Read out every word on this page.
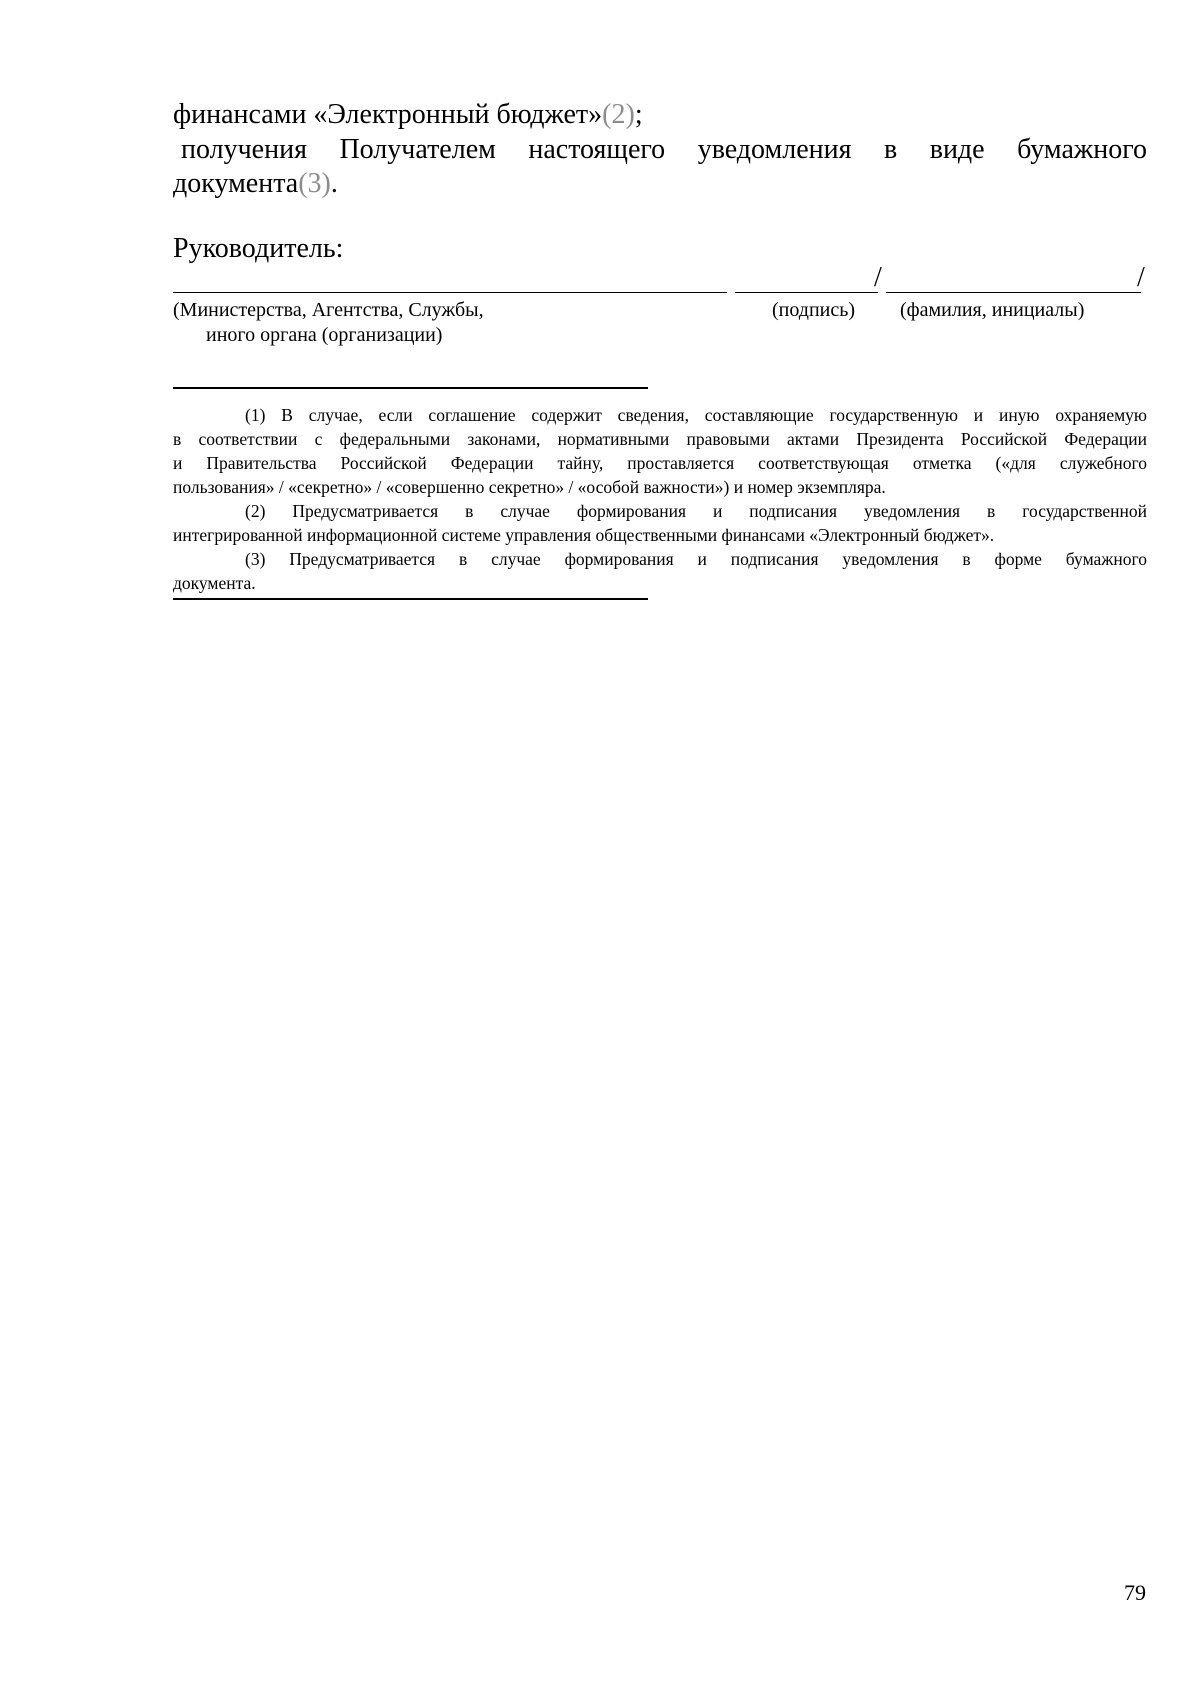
финансами «Электронный бюджет»(2);
получения Получателем настоящего уведомления в виде бумажного
документа(3).
Руководитель:
/	/
(Министерства, Агентства, Службы,
иного органа (организации)
(подпись) (фамилия, инициалы)
(1) В случае, если соглашение содержит сведения, составляющие государственную и иную охраняемую
в соответствии с федеральными законами, нормативными правовыми актами Президента Российской Федерации
и Правительства Российской Федерации тайну, проставляется соответствующая отметка («для служебного
пользования» / «секретно» / «совершенно секретно» / «особой важности») и номер экземпляра.
(2) Предусматривается в случае формирования и подписания уведомления в государственной
интегрированной информационной системе управления общественными финансами «Электронный бюджет».
(3) Предусматривается в случае формирования и подписания уведомления в форме бумажного
документа.
79
